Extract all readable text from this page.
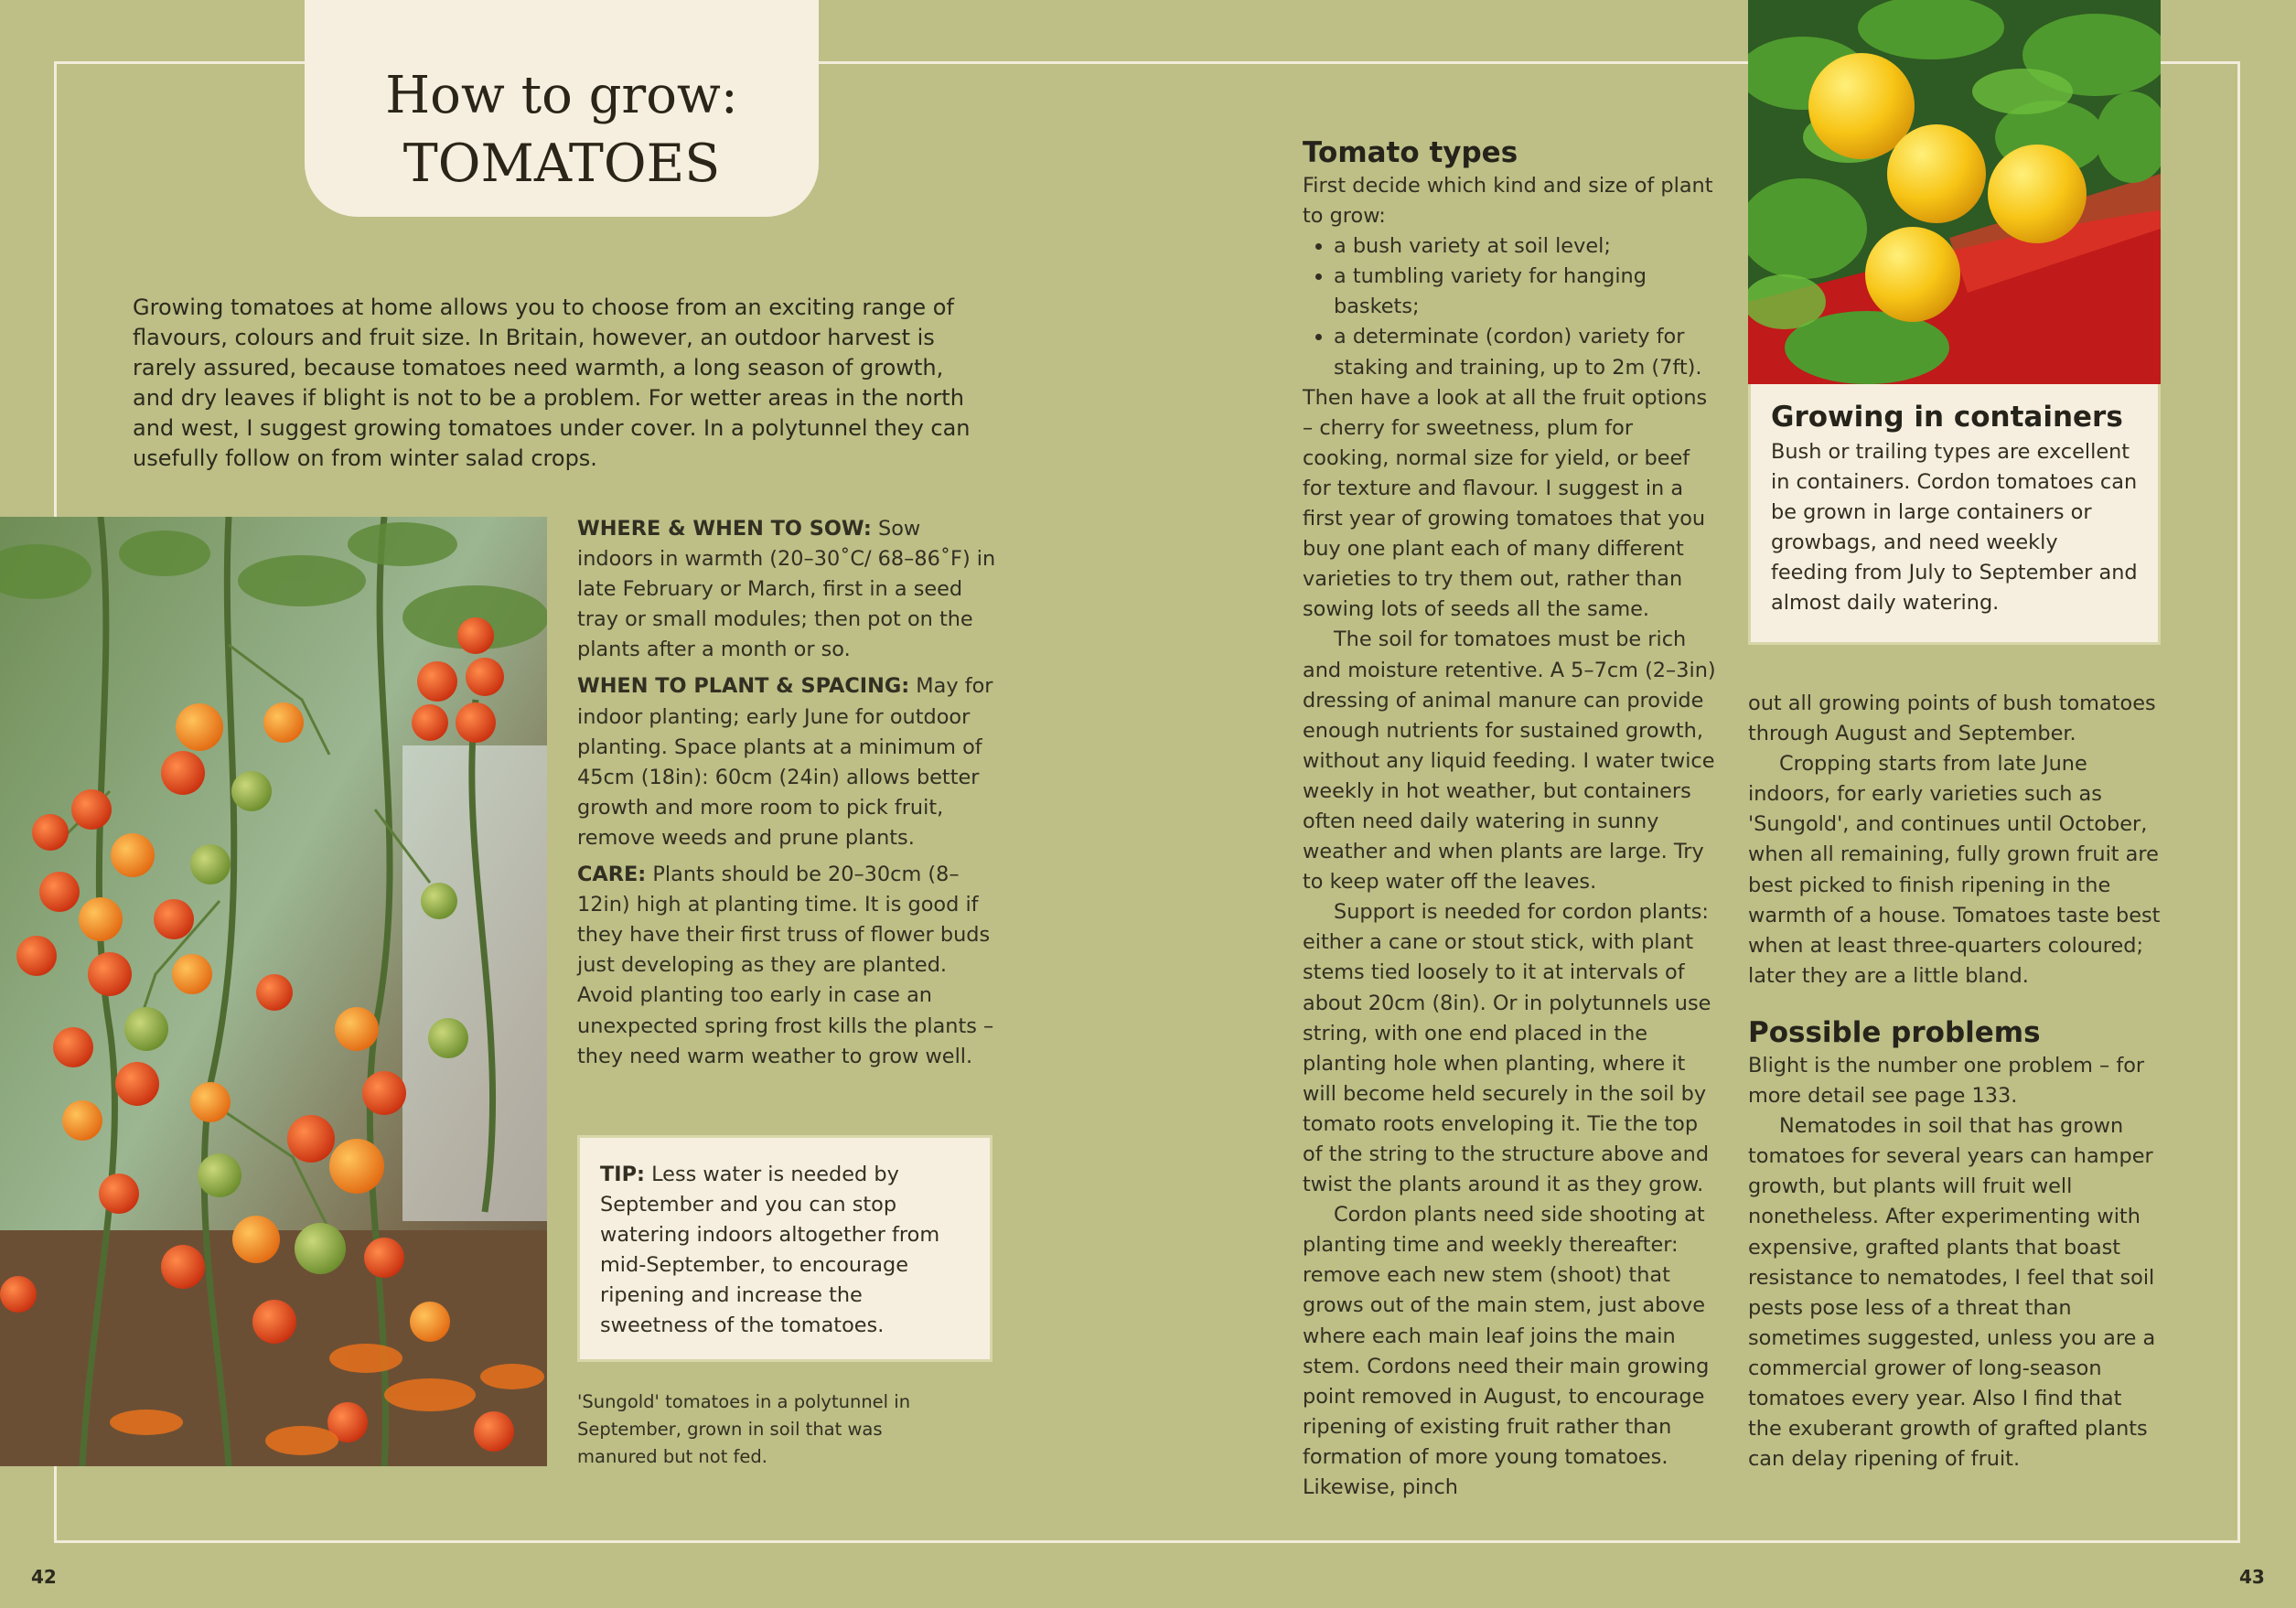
How to grow:
TOMATOES
Growing tomatoes at home allows you to choose from an exciting range of flavours, colours and fruit size. In Britain, however, an outdoor harvest is rarely assured, because tomatoes need warmth, a long season of growth, and dry leaves if blight is not to be a problem. For wetter areas in the north and west, I suggest growing tomatoes under cover. In a polytunnel they can usefully follow on from winter salad crops.

WHERE & WHEN TO SOW: Sow indoors in warmth (20–30˚C/ 68–86˚F) in late February or March, first in a seed tray or small modules; then pot on the plants after a month or so.

WHEN TO PLANT & SPACING: May for indoor planting; early June for outdoor planting. Space plants at a minimum of 45cm (18in): 60cm (24in) allows better growth and more room to pick fruit, remove weeds and prune plants.

CARE: Plants should be 20–30cm (8–12in) high at planting time. It is good if they have their first truss of flower buds just developing as they are planted. Avoid planting too early in case an unexpected spring frost kills the plants – they need warm weather to grow well.

TIP: Less water is needed by September and you can stop watering indoors altogether from mid-September, to encourage ripening and increase the sweetness of the tomatoes.
'Sungold' tomatoes in a polytunnel in September, grown in soil that was manured but not fed.
Tomato types

First decide which kind and size of plant to grow:

• a bush variety at soil level;
• a tumbling variety for hanging baskets;
• a determinate (cordon) variety for staking and training, up to 2m (7ft).

Then have a look at all the fruit options – cherry for sweetness, plum for cooking, normal size for yield, or beef for texture and flavour. I suggest in a first year of growing tomatoes that you buy one plant each of many different varieties to try them out, rather than sowing lots of seeds all the same.

The soil for tomatoes must be rich and moisture retentive. A 5–7cm (2–3in) dressing of animal manure can provide enough nutrients for sustained growth, without any liquid feeding. I water twice weekly in hot weather, but containers often need daily watering in sunny weather and when plants are large. Try to keep water off the leaves.

Support is needed for cordon plants: either a cane or stout stick, with plant stems tied loosely to it at intervals of about 20cm (8in). Or in polytunnels use string, with one end placed in the planting hole when planting, where it will become held securely in the soil by tomato roots enveloping it. Tie the top of the string to the structure above and twist the plants around it as they grow.

Cordon plants need side shooting at planting time and weekly thereafter: remove each new stem (shoot) that grows out of the main stem, just above where each main leaf joins the main stem. Cordons need their main growing point removed in August, to encourage ripening of existing fruit rather than formation of more young tomatoes. Likewise, pinch

Growing in containers
Bush or trailing types are excellent in containers. Cordon tomatoes can be grown in large containers or growbags, and need weekly feeding from July to September and almost daily watering.

out all growing points of bush tomatoes through August and September.

Cropping starts from late June indoors, for early varieties such as 'Sungold', and continues until October, when all remaining, fully grown fruit are best picked to finish ripening in the warmth of a house. Tomatoes taste best when at least three-quarters coloured; later they are a little bland.

Possible problems

Blight is the number one problem – for more detail see page 133.

Nematodes in soil that has grown tomatoes for several years can hamper growth, but plants will fruit well nonetheless. After experimenting with expensive, grafted plants that boast resistance to nematodes, I feel that soil pests pose less of a threat than sometimes suggested, unless you are a commercial grower of long-season tomatoes every year. Also I find that the exuberant growth of grafted plants can delay ripening of fruit.

42	43
